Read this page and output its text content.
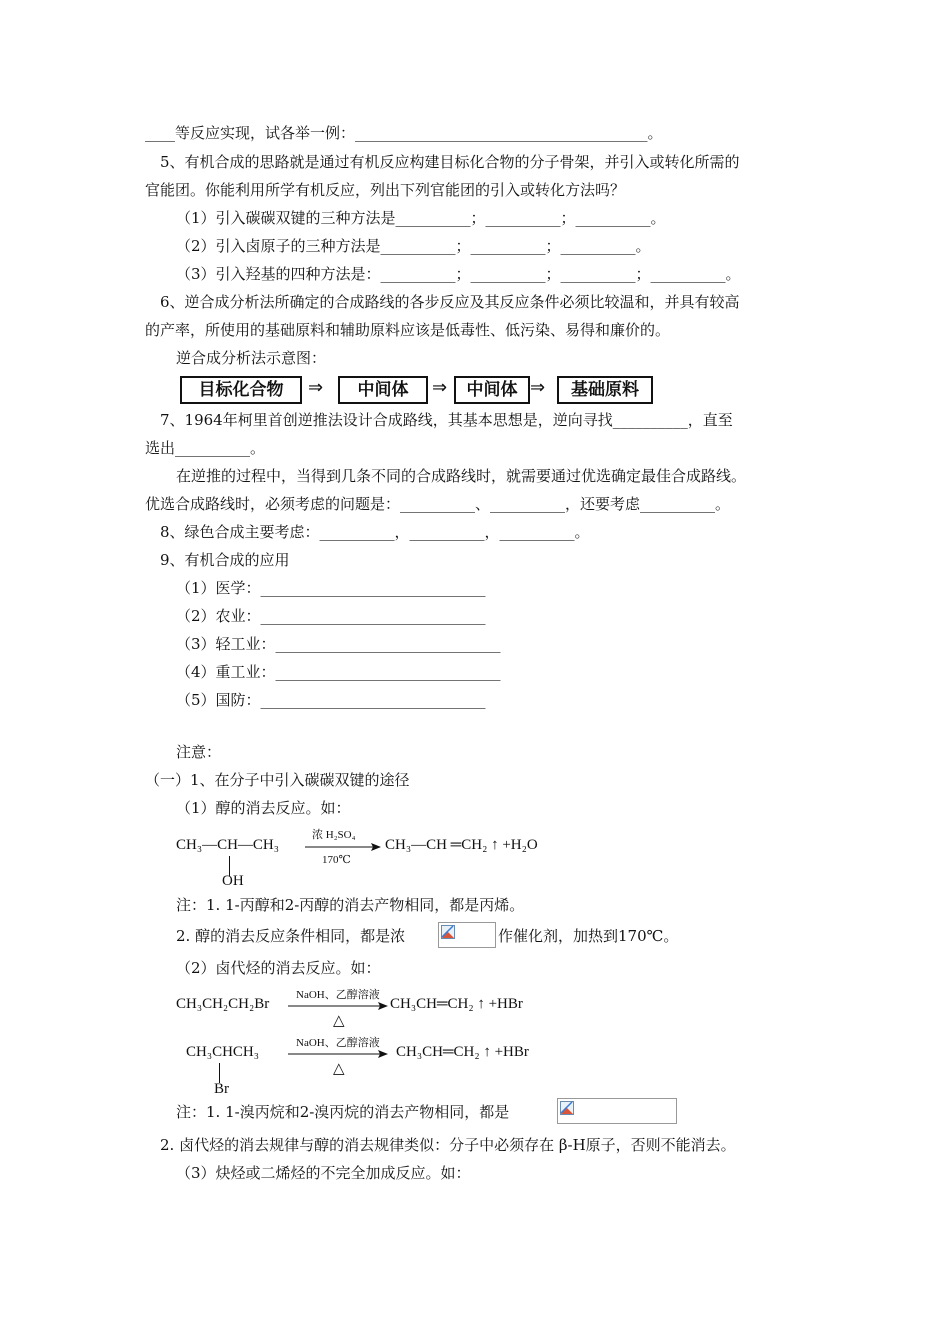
____等反应实现，试各举一例：_______________________________________。
5、有机合成的思路就是通过有机反应构建目标化合物的分子骨架，并引入或转化所需的
官能团。你能利用所学有机反应，列出下列官能团的引入或转化方法吗？
（1）引入碳碳双键的三种方法是__________；__________；__________。
（2）引入卤原子的三种方法是__________；__________；__________。
（3）引入羟基的四种方法是：__________；__________；__________；__________。
6、逆合成分析法所确定的合成路线的各步反应及其反应条件必须比较温和，并具有较高
的产率，所使用的基础原料和辅助原料应该是低毒性、低污染、易得和廉价的。
逆合成分析法示意图：
目标化合物	⇒	中间体	⇒	中间体 ⇒	基础原料
7、1964年柯里首创逆推法设计合成路线，其基本思想是，逆向寻找__________，直至
选出__________。
在逆推的过程中，当得到几条不同的合成路线时，就需要通过优选确定最佳合成路线。
优选合成路线时，必须考虑的问题是：__________、__________，还要考虑__________。
8、绿色合成主要考虑：__________，__________，__________。
9、有机合成的应用
（1）医学：______________________________
（2）农业：______________________________
（3）轻工业：______________________________
（4）重工业：______________________________
（5）国防：______________________________
注意：
（一）1、在分子中引入碳碳双键的途径
（1）醇的消去反应。如：
CH₃—CH—CH₃
OH
浓 H₂SO₄
170℃
CH₃—CH ═CH₂ ↑ +H₂O
注：1. 1-丙醇和2-丙醇的消去产物相同，都是丙烯。
2. 醇的消去反应条件相同，都是浓	作催化剂，加热到170℃。
（2）卤代烃的消去反应。如：
CH₃CH₂CH₂Br
NaOH、乙醇溶液
△
CH₃CH═CH₂ ↑ +HBr
CH₃CHCH₃
Br
NaOH、乙醇溶液
△
CH₃CH═CH₂ ↑ +HBr
注：1. 1-溴丙烷和2-溴丙烷的消去产物相同，都是
2. 卤代烃的消去规律与醇的消去规律类似：分子中必须存在 β-H原子，否则不能消去。
（3）炔烃或二烯烃的不完全加成反应。如：
